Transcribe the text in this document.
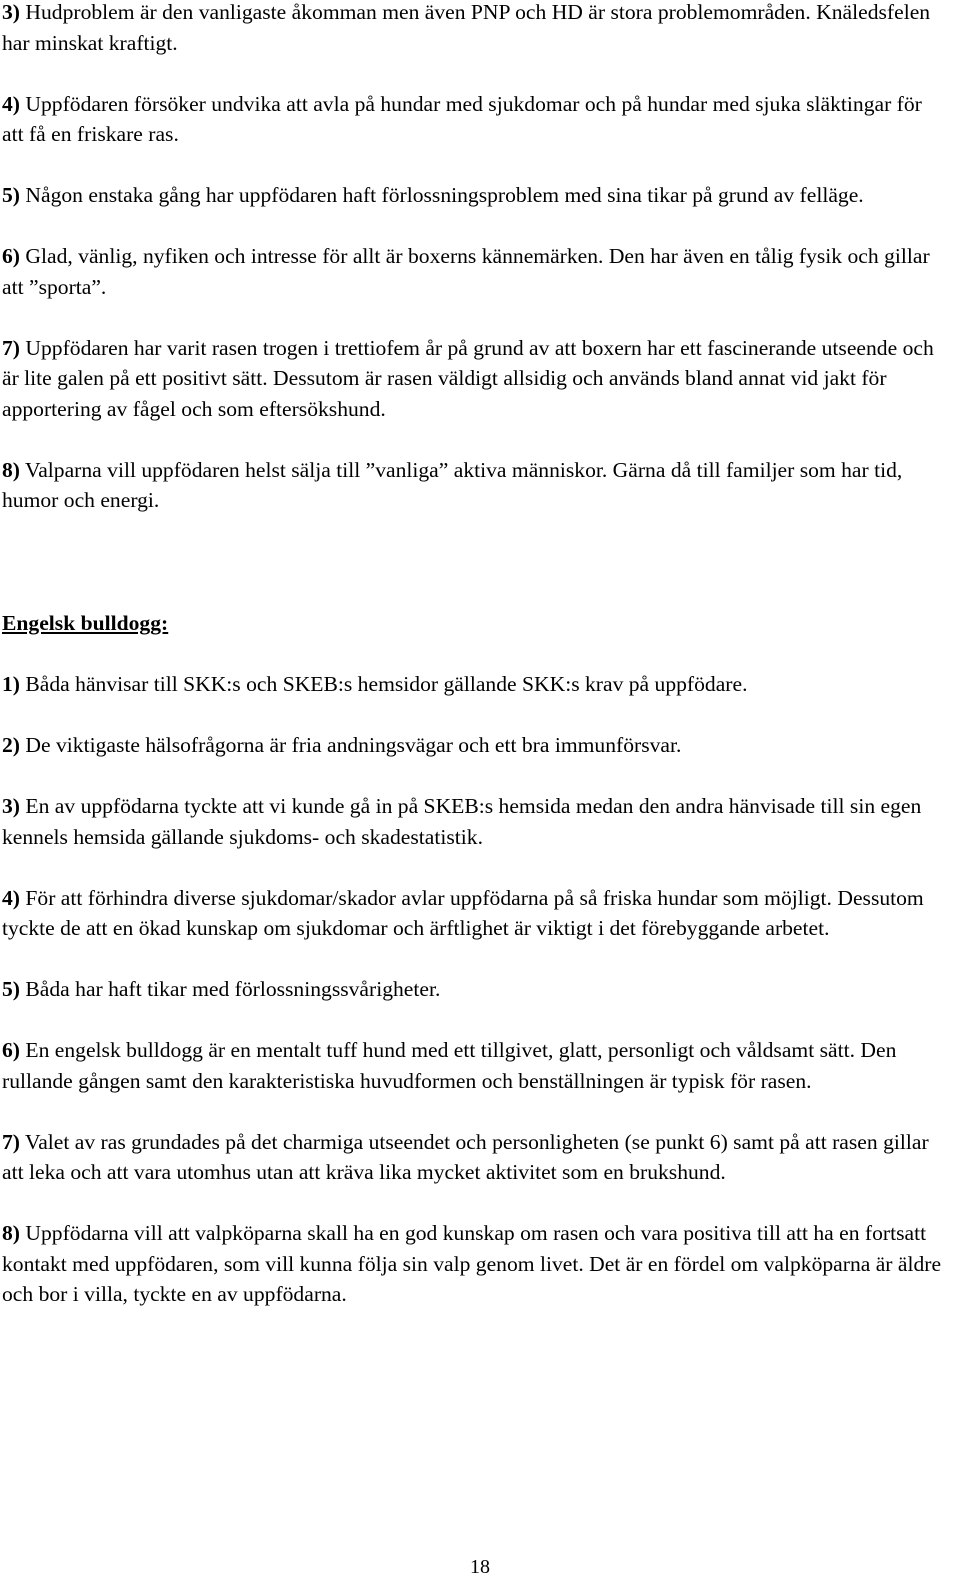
3) Hudproblem är den vanligaste åkomman men även PNP och HD är stora problemområden. Knäledsfelen har minskat kraftigt.

4) Uppfödaren försöker undvika att avla på hundar med sjukdomar och på hundar med sjuka släktingar för att få en friskare ras.

5) Någon enstaka gång har uppfödaren haft förlossningsproblem med sina tikar på grund av felläge.

6) Glad, vänlig, nyfiken och intresse för allt är boxerns kännemärken. Den har även en tålig fysik och gillar att ”sporta”.

7) Uppfödaren har varit rasen trogen i trettiofem år på grund av att boxern har ett fascinerande utseende och är lite galen på ett positivt sätt. Dessutom är rasen väldigt allsidig och används bland annat vid jakt för apportering av fågel och som eftersökshund.

8) Valparna vill uppfödaren helst sälja till ”vanliga” aktiva människor. Gärna då till familjer som har tid, humor och energi.

Engelsk bulldogg:

1) Båda hänvisar till SKK:s och SKEB:s hemsidor gällande SKK:s krav på uppfödare.

2) De viktigaste hälsofrågorna är fria andningsvägar och ett bra immunförsvar.

3) En av uppfödarna tyckte att vi kunde gå in på SKEB:s hemsida medan den andra hänvisade till sin egen kennels hemsida gällande sjukdoms- och skadestatistik.

4) För att förhindra diverse sjukdomar/skador avlar uppfödarna på så friska hundar som möjligt. Dessutom tyckte de att en ökad kunskap om sjukdomar och ärftlighet är viktigt i det förebyggande arbetet.

5) Båda har haft tikar med förlossningssvårigheter.

6) En engelsk bulldogg är en mentalt tuff hund med ett tillgivet, glatt, personligt och våldsamt sätt. Den rullande gången samt den karakteristiska huvudformen och benställningen är typisk för rasen.

7) Valet av ras grundades på det charmiga utseendet och personligheten (se punkt 6) samt på att rasen gillar att leka och att vara utomhus utan att kräva lika mycket aktivitet som en brukshund.

8) Uppfödarna vill att valpköparna skall ha en god kunskap om rasen och vara positiva till att ha en fortsatt kontakt med uppfödaren, som vill kunna följa sin valp genom livet. Det är en fördel om valpköparna är äldre och bor i villa, tyckte en av uppfödarna.

18
